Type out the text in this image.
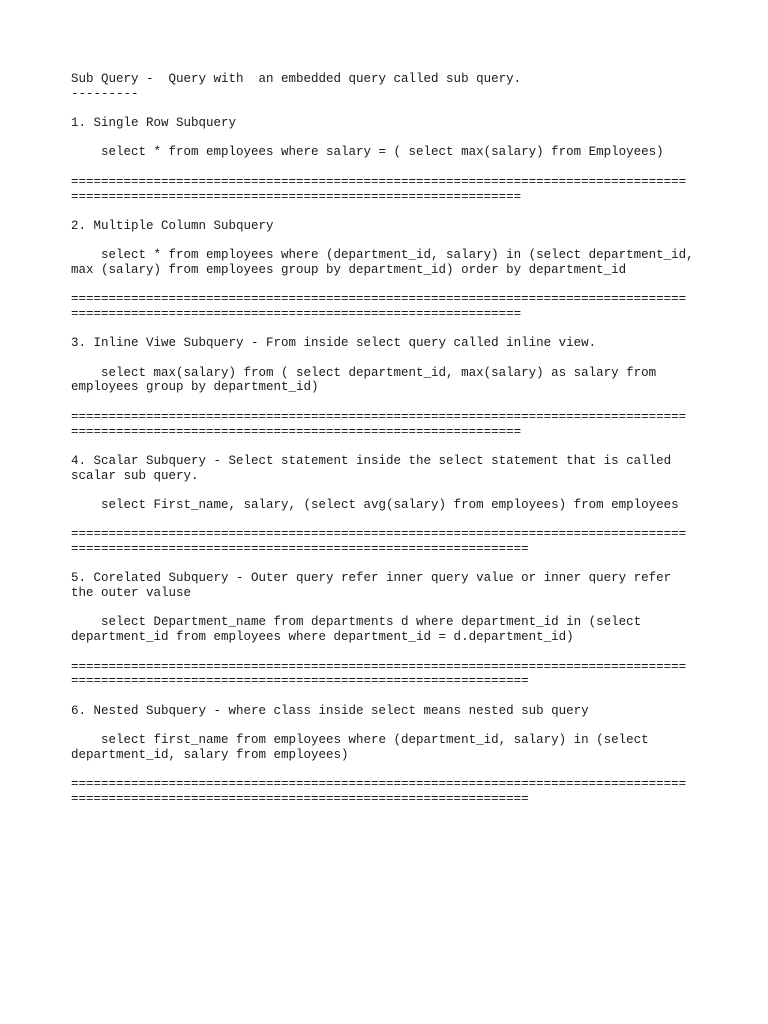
Sub Query -  Query with  an embedded query called sub query.

---------

1. Single Row Subquery

select * from employees where salary = ( select max(salary) from Employees)

==================================================================================

============================================================

2. Multiple Column Subquery

select * from employees where (department_id, salary) in (select department_id,

max (salary) from employees group by department_id) order by department_id

==================================================================================

============================================================

3. Inline Viwe Subquery - From inside select query called inline view.

select max(salary) from ( select department_id, max(salary) as salary from

employees group by department_id)

==================================================================================

============================================================

4. Scalar Subquery - Select statement inside the select statement that is called

scalar sub query.

select First_name, salary, (select avg(salary) from employees) from employees

==================================================================================

=============================================================

5. Corelated Subquery - Outer query refer inner query value or inner query refer

the outer valuse

select Department_name from departments d where department_id in (select

department_id from employees where department_id = d.department_id)

==================================================================================

=============================================================

6. Nested Subquery - where class inside select means nested sub query

select first_name from employees where (department_id, salary) in (select

department_id, salary from employees)

==================================================================================

=============================================================
